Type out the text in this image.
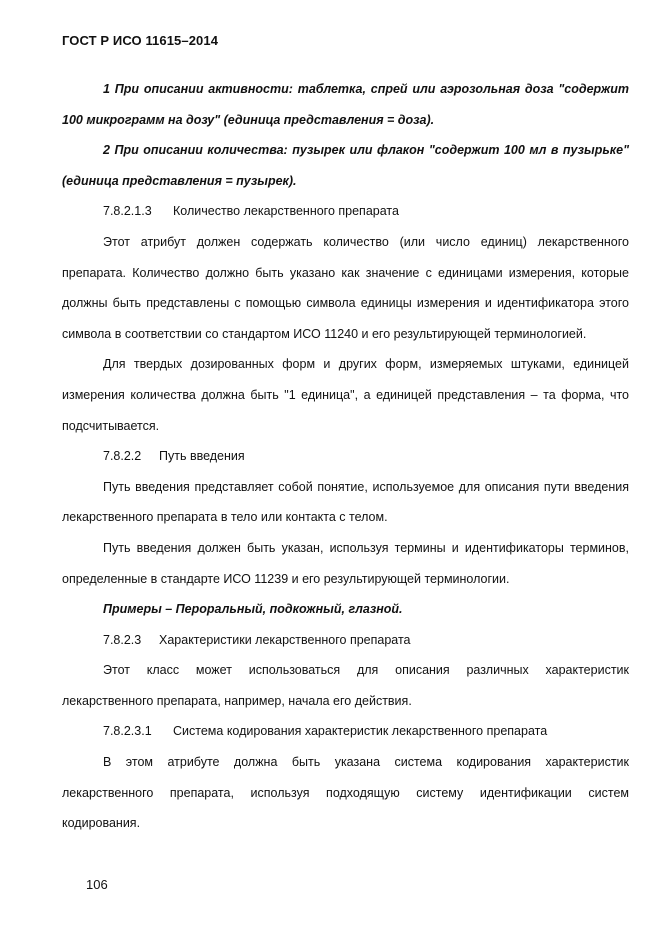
ГОСТ Р ИСО 11615–2014

1 При описании активности: таблетка, спрей или аэрозольная доза "содержит 100 микрограмм на дозу" (единица представления = доза).

2 При описании количества: пузырек или флакон "содержит 100 мл в пузырьке" (единица представления = пузырек).

7.8.2.1.3 Количество лекарственного препарата

Этот атрибут должен содержать количество (или число единиц) лекарственного препарата. Количество должно быть указано как значение с единицами измерения, которые должны быть представлены с помощью символа единицы измерения и идентификатора этого символа в соответствии со стандартом ИСО 11240 и его результирующей терминологией.

Для твердых дозированных форм и других форм, измеряемых штуками, единицей измерения количества должна быть "1 единица", а единицей представления – та форма, что подсчитывается.

7.8.2.2 Путь введения

Путь введения представляет собой понятие, используемое для описания пути введения лекарственного препарата в тело или контакта с телом.

Путь введения должен быть указан, используя термины и идентификаторы терминов, определенные в стандарте ИСО 11239 и его результирующей терминологии.

Примеры – Пероральный, подкожный, глазной.

7.8.2.3 Характеристики лекарственного препарата

Этот класс может использоваться для описания различных характеристик лекарственного препарата, например, начала его действия.

7.8.2.3.1 Система кодирования характеристик лекарственного препарата

В этом атрибуте должна быть указана система кодирования характеристик лекарственного препарата, используя подходящую систему идентификации систем кодирования.

106
